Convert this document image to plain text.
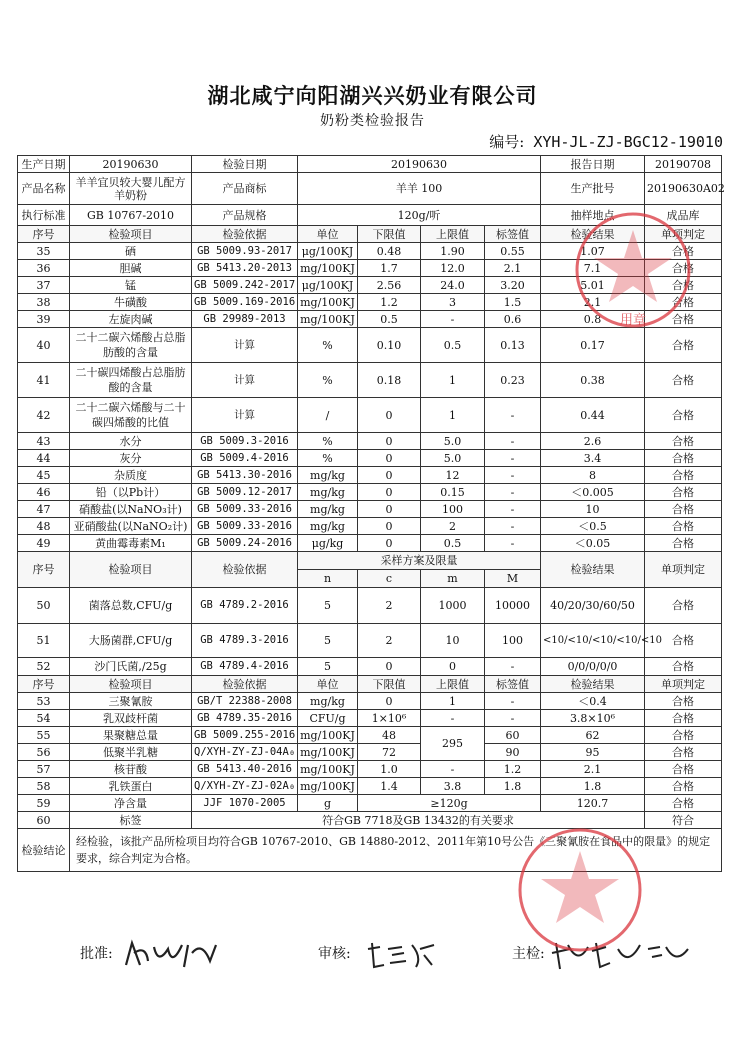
湖北咸宁向阳湖兴兴奶业有限公司
奶粉类检验报告
编号: XYH-JL-ZJ-BGC12-19010
生产日期	20190630	检验日期	20190630				报告日期	20190708
产品名称	羊羊宜贝较大婴儿配方羊奶粉	产品商标	羊羊 100				生产批号	20190630A02
执行标准	GB 10767-2010	产品规格	120g/听				抽样地点	成品库
序号	检验项目	检验依据	单位	下限值	上限值	标签值	检验结果	单项判定
35	硒	GB 5009.93-2017	μg/100KJ	0.48	1.90	0.55	1.07	合格
36	胆碱	GB 5413.20-2013	mg/100KJ	1.7	12.0	2.1	7.1	合格
37	锰	GB 5009.242-2017	μg/100KJ	2.56	24.0	3.20	5.01	合格
38	牛磺酸	GB 5009.169-2016	mg/100KJ	1.2	3	1.5	2.1	合格
39	左旋肉碱	GB 29989-2013	mg/100KJ	0.5	-	0.6	0.8	合格
40	二十二碳六烯酸占总脂肪酸的含量	计算	%	0.10	0.5	0.13	0.17	合格
41	二十碳四烯酸占总脂肪酸的含量	计算	%	0.18	1	0.23	0.38	合格
42	二十二碳六烯酸与二十碳四烯酸的比值	计算	/	0	1	-	0.44	合格
43	水分	GB 5009.3-2016	%	0	5.0	-	2.6	合格
44	灰分	GB 5009.4-2016	%	0	5.0	-	3.4	合格
45	杂质度	GB 5413.30-2016	mg/kg	0	12	-	8	合格
46	铅（以Pb计）	GB 5009.12-2017	mg/kg	0	0.15	-	＜0.005	合格
47	硝酸盐(以NaNO₃计)	GB 5009.33-2016	mg/kg	0	100	-	10	合格
48	亚硝酸盐(以NaNO₂计)	GB 5009.33-2016	mg/kg	0	2	-	＜0.5	合格
49	黄曲霉毒素M₁	GB 5009.24-2016	μg/kg	0	0.5	-	＜0.05	合格
序号	检验项目	检验依据	采样方案及限量				检验结果	单项判定
			n	c	m	M		
50	菌落总数,CFU/g	GB 4789.2-2016	5	2	1000	10000	40/20/30/60/50	合格
51	大肠菌群,CFU/g	GB 4789.3-2016	5	2	10	100	<10/<10/<10/<10/<10	合格
52	沙门氏菌,/25g	GB 4789.4-2016	5	0	0	-	0/0/0/0/0	合格
序号	检验项目	检验依据	单位	下限值	上限值	标签值	检验结果	单项判定
53	三聚氰胺	GB/T 22388-2008	mg/kg	0	1	-	＜0.4	合格
54	乳双歧杆菌	GB 4789.35-2016	CFU/g	1×10⁶	-	-	3.8×10⁶	合格
55	果聚糖总量	GB 5009.255-2016	mg/100KJ	48	295	60	62	合格
56	低聚半乳糖	Q/XYH-ZY-ZJ-04A₀	mg/100KJ	72		90	95	合格
57	核苷酸	GB 5413.40-2016	mg/100KJ	1.0	-	1.2	2.1	合格
58	乳铁蛋白	Q/XYH-ZY-ZJ-02A₀	mg/100KJ	1.4	3.8	1.8	1.8	合格
59	净含量	JJF 1070-2005	g	≥120g			120.7	合格
60	标签	符合GB 7718及GB 13432的有关要求						符合
检验结论	经检验，该批产品所检项目均符合GB 10767-2010、GB 14880-2012、2011年第10号公告《三聚氰胺在食品中的限量》的规定要求，综合判定为合格。							
批准:	审核:	主检:
用章
